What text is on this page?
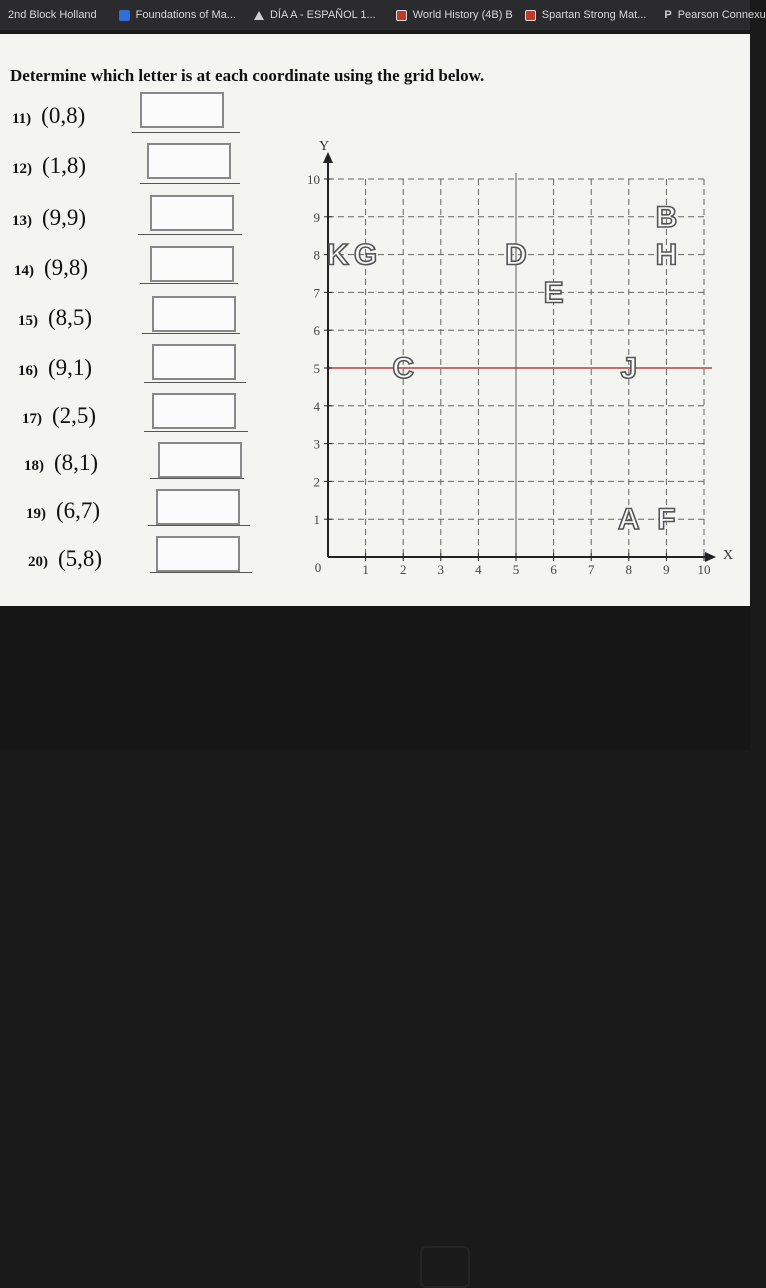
2nd Block Holland	Foundations of Ma...	DÍA A - ESPAÑOL 1...	World History (4B) B	Spartan Strong Mat... P Pearson Connexu
Determine which letter is at each coordinate using the grid below.
11) (0,8)
12) (1,8)
13) (9,9)
14) (9,8)
15) (8,5)
16) (9,1)
17) (2,5)
18) (8,1)
19) (6,7)
20) (5,8)	1 2 3 4 5 6 7 8 9 10
1
2
3
4
5
6
7
8
9
10
0
X
Y
K G
B
H
D
E
C	J
A F
